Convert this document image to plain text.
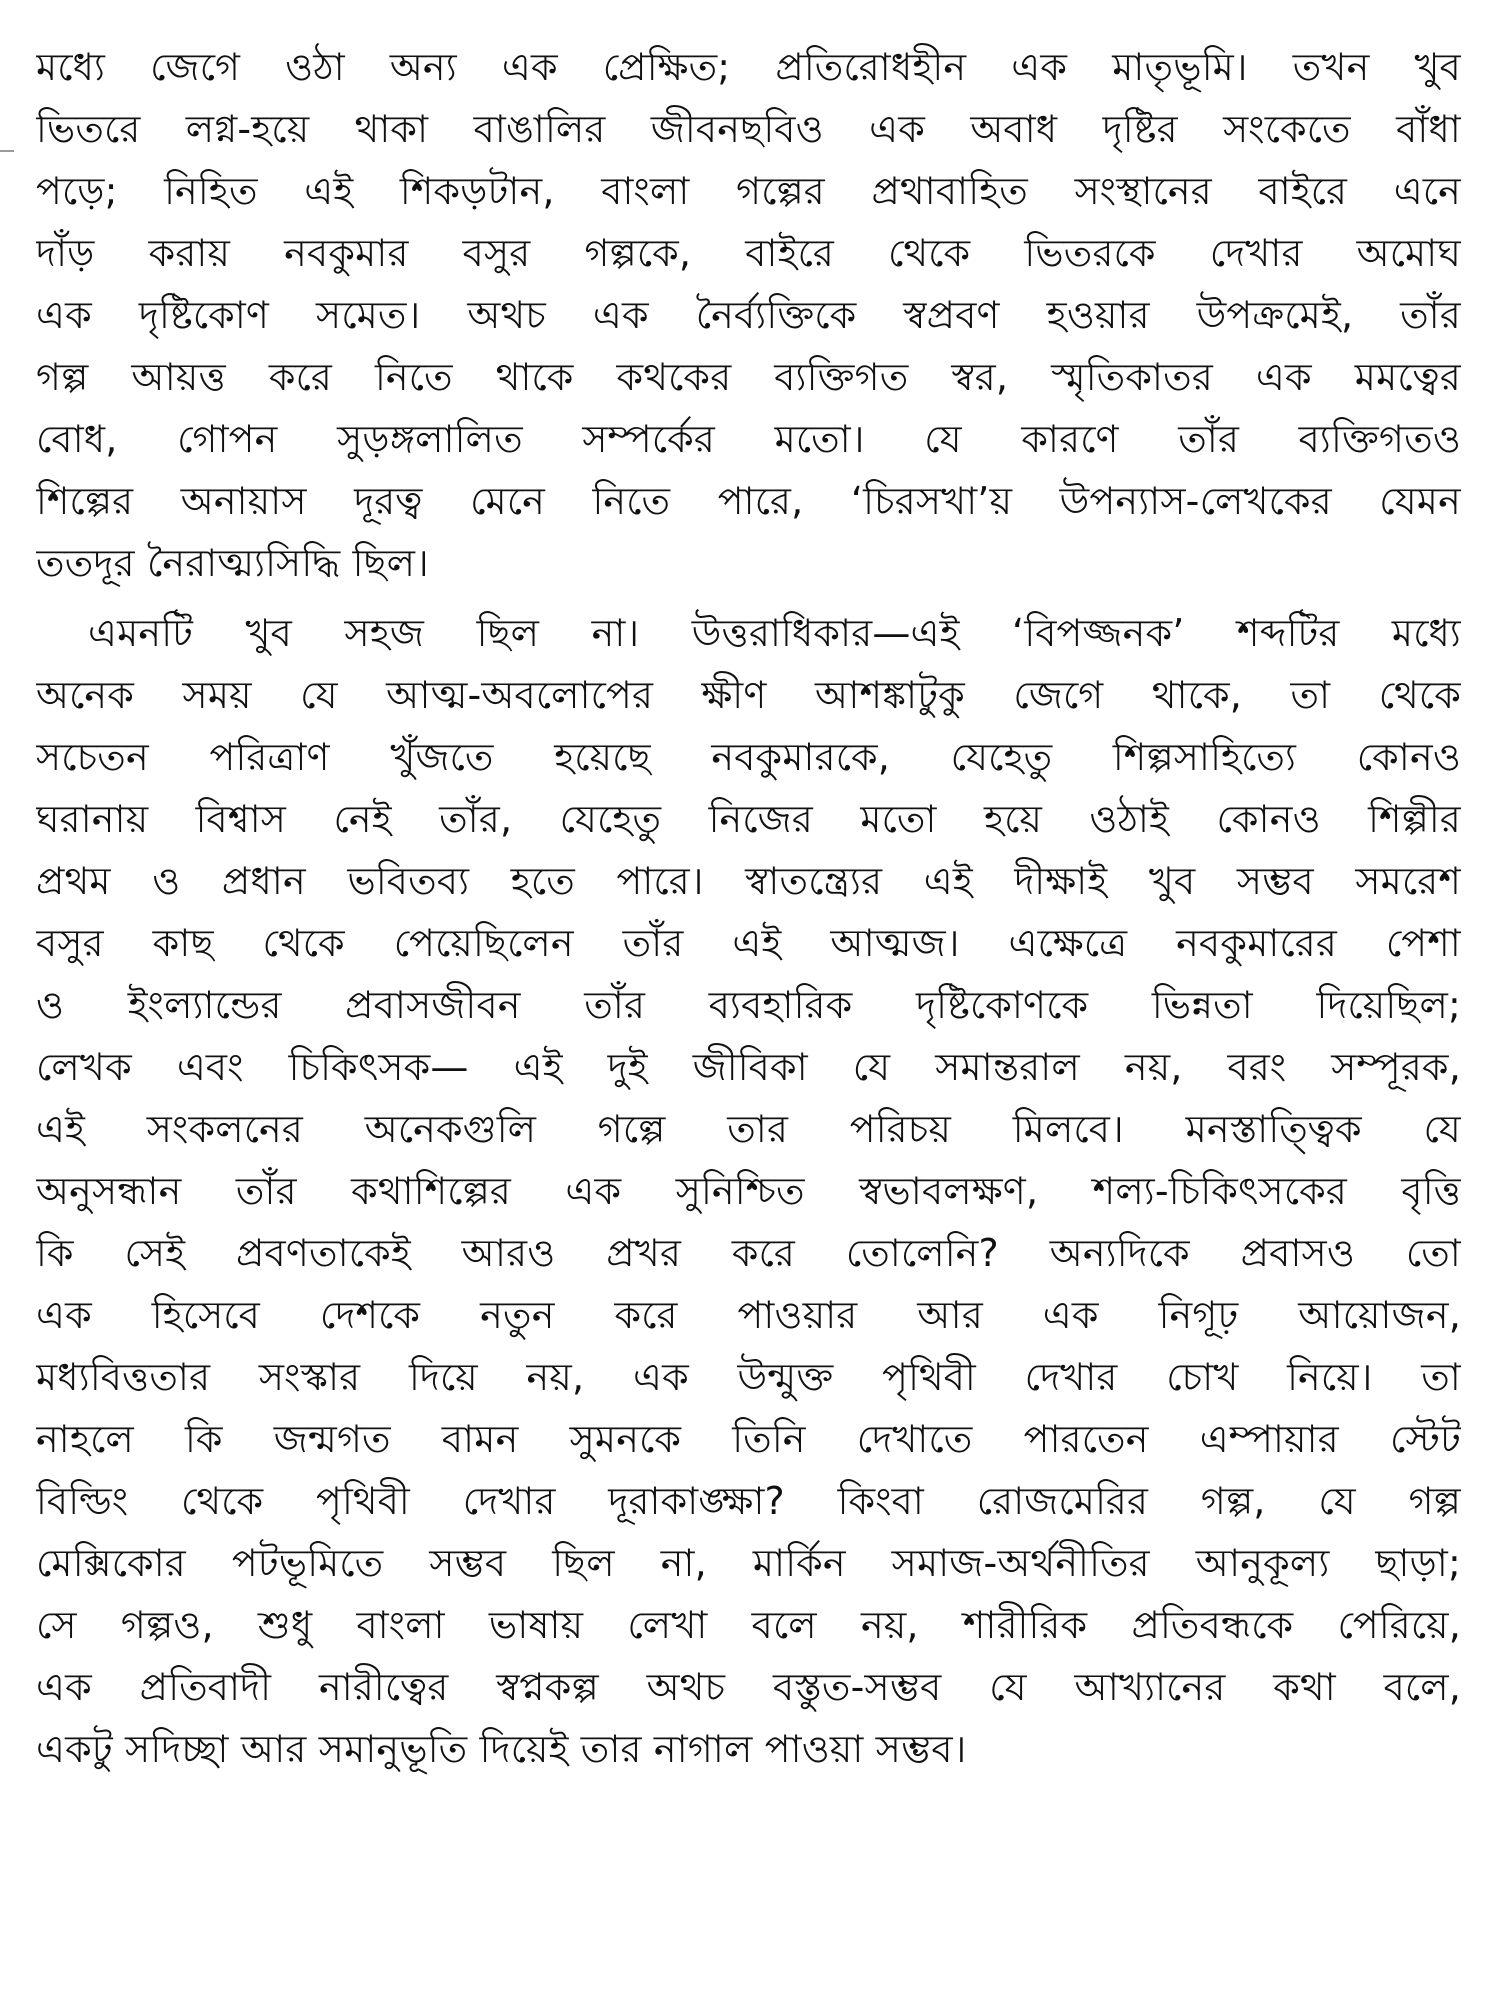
মধ্যে জেগে ওঠা অন্য এক প্রেক্ষিত; প্রতিরোধহীন এক মাতৃভূমি। তখন খুব
ভিতরে লগ্ন-হয়ে থাকা বাঙালির জীবনছবিও এক অবাধ দৃষ্টির সংকেতে বাঁধা
পড়ে; নিহিত এই শিকড়টান, বাংলা গল্পের প্রথাবাহিত সংস্থানের বাইরে এনে
দাঁড় করায় নবকুমার বসুর গল্পকে, বাইরে থেকে ভিতরকে দেখার অমোঘ
এক দৃষ্টিকোণ সমেত। অথচ এক নৈর্ব্যক্তিকে স্বপ্রবণ হওয়ার উপক্রমেই, তাঁর
গল্প আয়ত্ত করে নিতে থাকে কথকের ব্যক্তিগত স্বর, স্মৃতিকাতর এক মমত্বের
বোধ, গোপন সুড়ঙ্গলালিত সম্পর্কের মতো। যে কারণে তাঁর ব্যক্তিগতও
শিল্পের অনায়াস দূরত্ব মেনে নিতে পারে, ‘চিরসখা’য় উপন্যাস-লেখকের যেমন
ততদূর নৈরাত্ম্যসিদ্ধি ছিল।
এমনটি খুব সহজ ছিল না। উত্তরাধিকার—এই ‘বিপজ্জনক’ শব্দটির মধ্যে
অনেক সময় যে আত্ম-অবলোপের ক্ষীণ আশঙ্কাটুকু জেগে থাকে, তা থেকে
সচেতন পরিত্রাণ খুঁজতে হয়েছে নবকুমারকে, যেহেতু শিল্পসাহিত্যে কোনও
ঘরানায় বিশ্বাস নেই তাঁর, যেহেতু নিজের মতো হয়ে ওঠাই কোনও শিল্পীর
প্রথম ও প্রধান ভবিতব্য হতে পারে। স্বাতন্ত্র্যের এই দীক্ষাই খুব সম্ভব সমরেশ
বসুর কাছ থেকে পেয়েছিলেন তাঁর এই আত্মজ। এক্ষেত্রে নবকুমারের পেশা
ও ইংল্যান্ডের প্রবাসজীবন তাঁর ব্যবহারিক দৃষ্টিকোণকে ভিন্নতা দিয়েছিল;
লেখক এবং চিকিৎসক— এই দুই জীবিকা যে সমান্তরাল নয়, বরং সম্পূরক,
এই সংকলনের অনেকগুলি গল্পে তার পরিচয় মিলবে। মনস্তাত্ত্বিক যে
অনুসন্ধান তাঁর কথাশিল্পের এক সুনিশ্চিত স্বভাবলক্ষণ, শল্য-চিকিৎসকের বৃত্তি
কি সেই প্রবণতাকেই আরও প্রখর করে তোলেনি? অন্যদিকে প্রবাসও তো
এক হিসেবে দেশকে নতুন করে পাওয়ার আর এক নিগূঢ় আয়োজন,
মধ্যবিত্ততার সংস্কার দিয়ে নয়, এক উন্মুক্ত পৃথিবী দেখার চোখ নিয়ে। তা
নাহলে কি জন্মগত বামন সুমনকে তিনি দেখাতে পারতেন এম্পায়ার স্টেট
বিল্ডিং থেকে পৃথিবী দেখার দূরাকাঙ্ক্ষা? কিংবা রোজমেরির গল্প, যে গল্প
মেক্সিকোর পটভূমিতে সম্ভব ছিল না, মার্কিন সমাজ-অর্থনীতির আনুকূল্য ছাড়া;
সে গল্পও, শুধু বাংলা ভাষায় লেখা বলে নয়, শারীরিক প্রতিবন্ধকে পেরিয়ে,
এক প্রতিবাদী নারীত্বের স্বপ্নকল্প অথচ বস্তুত-সম্ভব যে আখ্যানের কথা বলে,
একটু সদিচ্ছা আর সমানুভূতি দিয়েই তার নাগাল পাওয়া সম্ভব।
